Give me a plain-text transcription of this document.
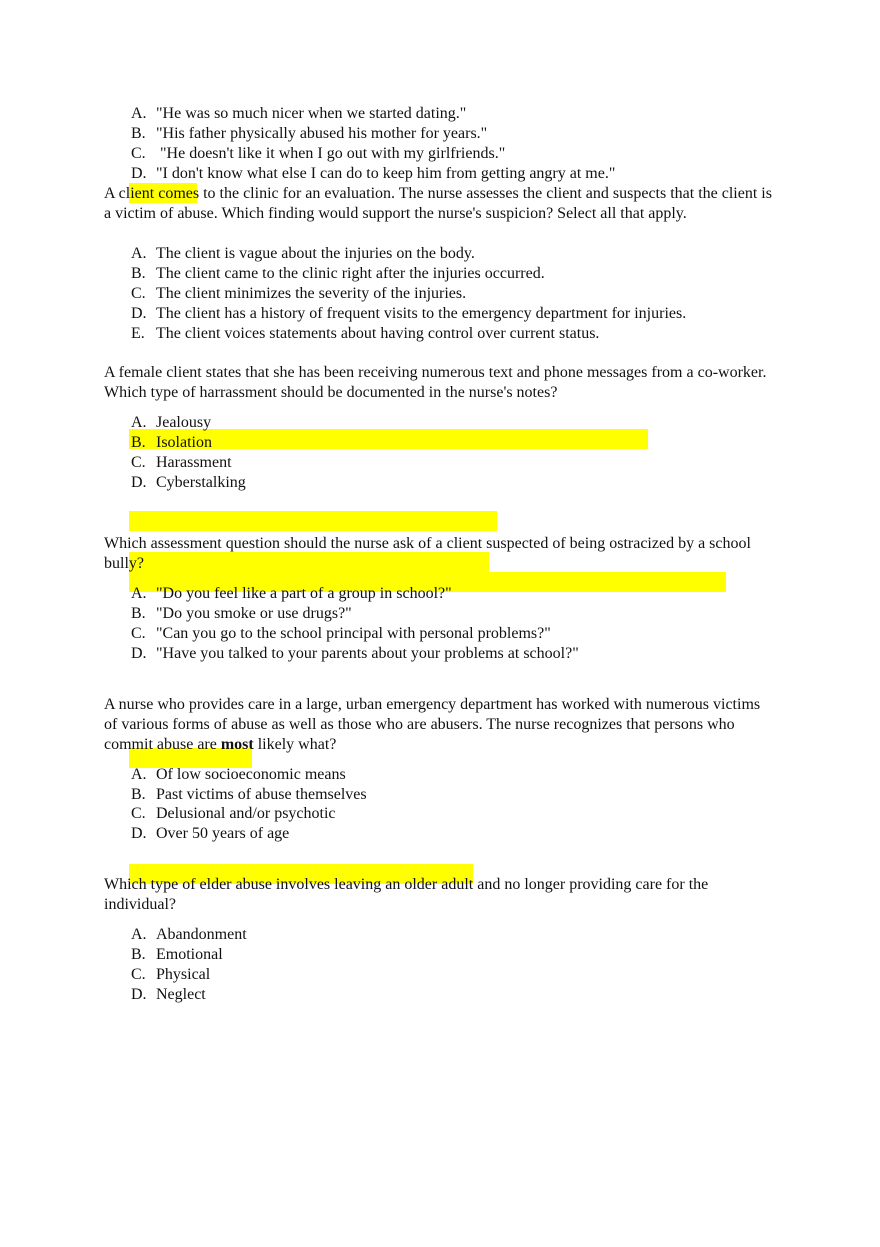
A. "He was so much nicer when we started dating."
B. "His father physically abused his mother for years."
C. "He doesn't like it when I go out with my girlfriends."
D. "I don't know what else I can do to keep him from getting angry at me."

A client comes to the clinic for an evaluation. The nurse assesses the client and suspects that the client is a victim of abuse. Which finding would support the nurse's suspicion? Select all that apply.

A. The client is vague about the injuries on the body.
B. The client came to the clinic right after the injuries occurred.
C. The client minimizes the severity of the injuries.
D. The client has a history of frequent visits to the emergency department for injuries.
E. The client voices statements about having control over current status.

A female client states that she has been receiving numerous text and phone messages from a co-worker. Which type of harrassment should be documented in the nurse's notes?

A. Jealousy
B. Isolation
C. Harassment
D. Cyberstalking

Which assessment question should the nurse ask of a client suspected of being ostracized by a school bully?

A. "Do you feel like a part of a group in school?"
B. "Do you smoke or use drugs?"
C. "Can you go to the school principal with personal problems?"
D. "Have you talked to your parents about your problems at school?"

A nurse who provides care in a large, urban emergency department has worked with numerous victims of various forms of abuse as well as those who are abusers. The nurse recognizes that persons who commit abuse are most likely what?

A. Of low socioeconomic means
B. Past victims of abuse themselves
C. Delusional and/or psychotic
D. Over 50 years of age

Which type of elder abuse involves leaving an older adult and no longer providing care for the individual?

A. Abandonment
B. Emotional
C. Physical
D. Neglect
